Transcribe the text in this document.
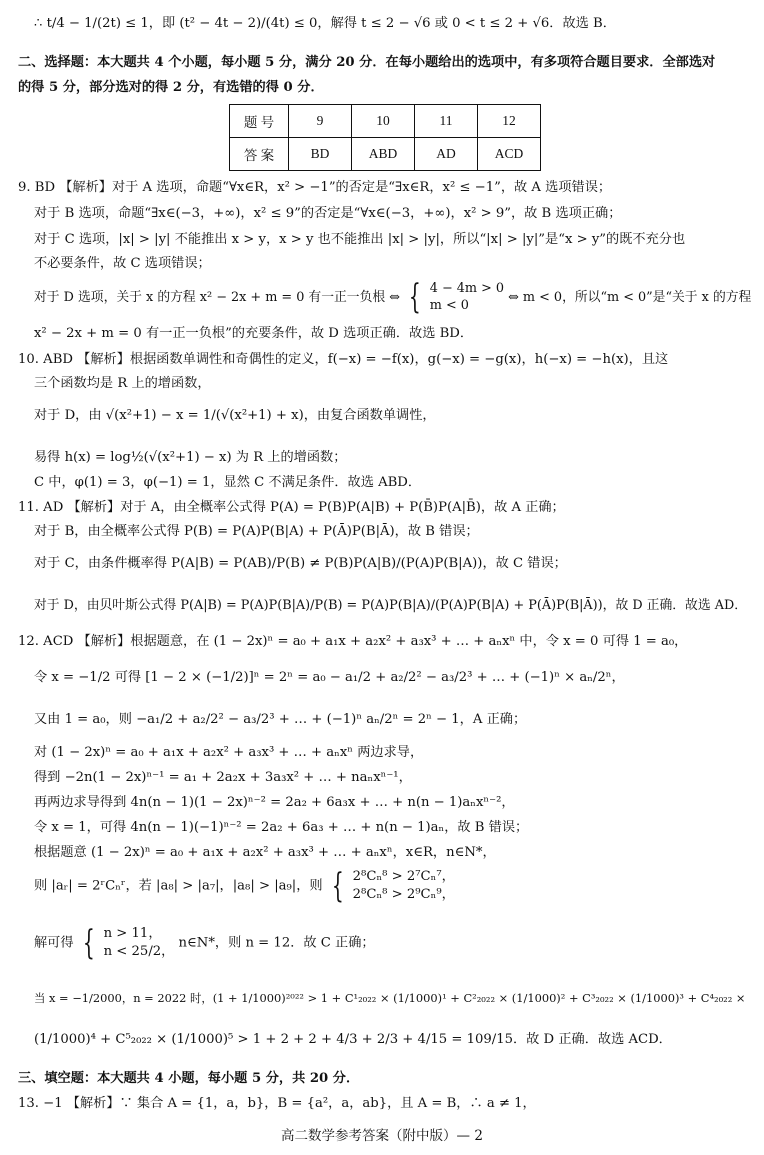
∴ t/4 − 1/(2t) ≤ 1，即 (t² − 4t − 2)/(4t) ≤ 0，解得 t ≤ 2 − √6 或 0 < t ≤ 2 + √6．故选 B．
二、选择题：本大题共 4 个小题，每小题 5 分，满分 20 分．在每小题给出的选项中，有多项符合题目要求．全部选对
的得 5 分，部分选对的得 2 分，有选错的得 0 分．
题 号	9	10	11	12
答 案	BD	ABD	AD	ACD
9. BD 【解析】对于 A 选项，命题“∀x∈R，x² > −1”的否定是“∃x∈R，x² ≤ −1”，故 A 选项错误；
对于 B 选项，命题“∃x∈(−3，+∞)，x² ≤ 9”的否定是“∀x∈(−3，+∞)，x² > 9”，故 B 选项正确；
对于 C 选项，|x| > |y| 不能推出 x > y，x > y 也不能推出 |x| > |y|，所以“|x| > |y|”是“x > y”的既不充分也
不必要条件，故 C 选项错误；
对于 D 选项，关于 x 的方程 x² − 2x + m = 0 有一正一负根 ⇔ { 4 − 4m > 0
m < 0
⇔ m < 0，所以“m < 0”是“关于 x 的方程
x² − 2x + m = 0 有一正一负根”的充要条件，故 D 选项正确．故选 BD．
10. ABD 【解析】根据函数单调性和奇偶性的定义，f(−x) = −f(x)，g(−x) = −g(x)，h(−x) = −h(x)，且这
三个函数均是 R 上的增函数，
对于 D，由 √(x²+1) − x = 1/(√(x²+1) + x)，由复合函数单调性，
易得 h(x) = log½(√(x²+1) − x) 为 R 上的增函数；
C 中，φ(1) = 3，φ(−1) = 1，显然 C 不满足条件．故选 ABD．
11. AD 【解析】对于 A，由全概率公式得 P(A) = P(B)P(A|B) + P(B̄)P(A|B̄)，故 A 正确；
对于 B，由全概率公式得 P(B) = P(A)P(B|A) + P(Ā)P(B|Ā)，故 B 错误；
对于 C，由条件概率得 P(A|B) = P(AB)/P(B) ≠ P(B)P(A|B)/(P(A)P(B|A))，故 C 错误；
对于 D，由贝叶斯公式得 P(A|B) = P(A)P(B|A)/P(B) = P(A)P(B|A)/(P(A)P(B|A) + P(Ā)P(B|Ā))，故 D 正确．故选 AD．
12. ACD 【解析】根据题意，在 (1 − 2x)ⁿ = a₀ + a₁x + a₂x² + a₃x³ + … + aₙxⁿ 中，令 x = 0 可得 1 = a₀，
令 x = −1/2 可得 [1 − 2 × (−1/2)]ⁿ = 2ⁿ = a₀ − a₁/2 + a₂/2² − a₃/2³ + … + (−1)ⁿ × aₙ/2ⁿ，
又由 1 = a₀，则 −a₁/2 + a₂/2² − a₃/2³ + … + (−1)ⁿ aₙ/2ⁿ = 2ⁿ − 1，A 正确；
对 (1 − 2x)ⁿ = a₀ + a₁x + a₂x² + a₃x³ + … + aₙxⁿ 两边求导，
得到 −2n(1 − 2x)ⁿ⁻¹ = a₁ + 2a₂x + 3a₃x² + … + naₙxⁿ⁻¹，
再两边求导得到 4n(n − 1)(1 − 2x)ⁿ⁻² = 2a₂ + 6a₃x + … + n(n − 1)aₙxⁿ⁻²，
令 x = 1，可得 4n(n − 1)(−1)ⁿ⁻² = 2a₂ + 6a₃ + … + n(n − 1)aₙ，故 B 错误；
根据题意 (1 − 2x)ⁿ = a₀ + a₁x + a₂x² + a₃x³ + … + aₙxⁿ，x∈R，n∈N*，
则 |aᵣ| = 2ʳCₙʳ，若 |a₈| > |a₇|，|a₈| > |a₉|，则 { 2⁸Cₙ⁸ > 2⁷Cₙ⁷，
2⁸Cₙ⁸ > 2⁹Cₙ⁹，
解可得 { n > 11，
n < 25/2，
n∈N*，则 n = 12．故 C 正确；
当 x = −1/2000，n = 2022 时，(1 + 1/1000)²⁰²² > 1 + C¹₂₀₂₂ × (1/1000)¹ + C²₂₀₂₂ × (1/1000)² + C³₂₀₂₂ × (1/1000)³ + C⁴₂₀₂₂ ×
(1/1000)⁴ + C⁵₂₀₂₂ × (1/1000)⁵ > 1 + 2 + 2 + 4/3 + 2/3 + 4/15 = 109/15．故 D 正确．故选 ACD．
三、填空题：本大题共 4 小题，每小题 5 分，共 20 分．
13. −1 【解析】∵ 集合 A = {1，a，b}，B = {a²，a，ab}，且 A = B，∴ a ≠ 1，
高二数学参考答案（附中版）— 2
